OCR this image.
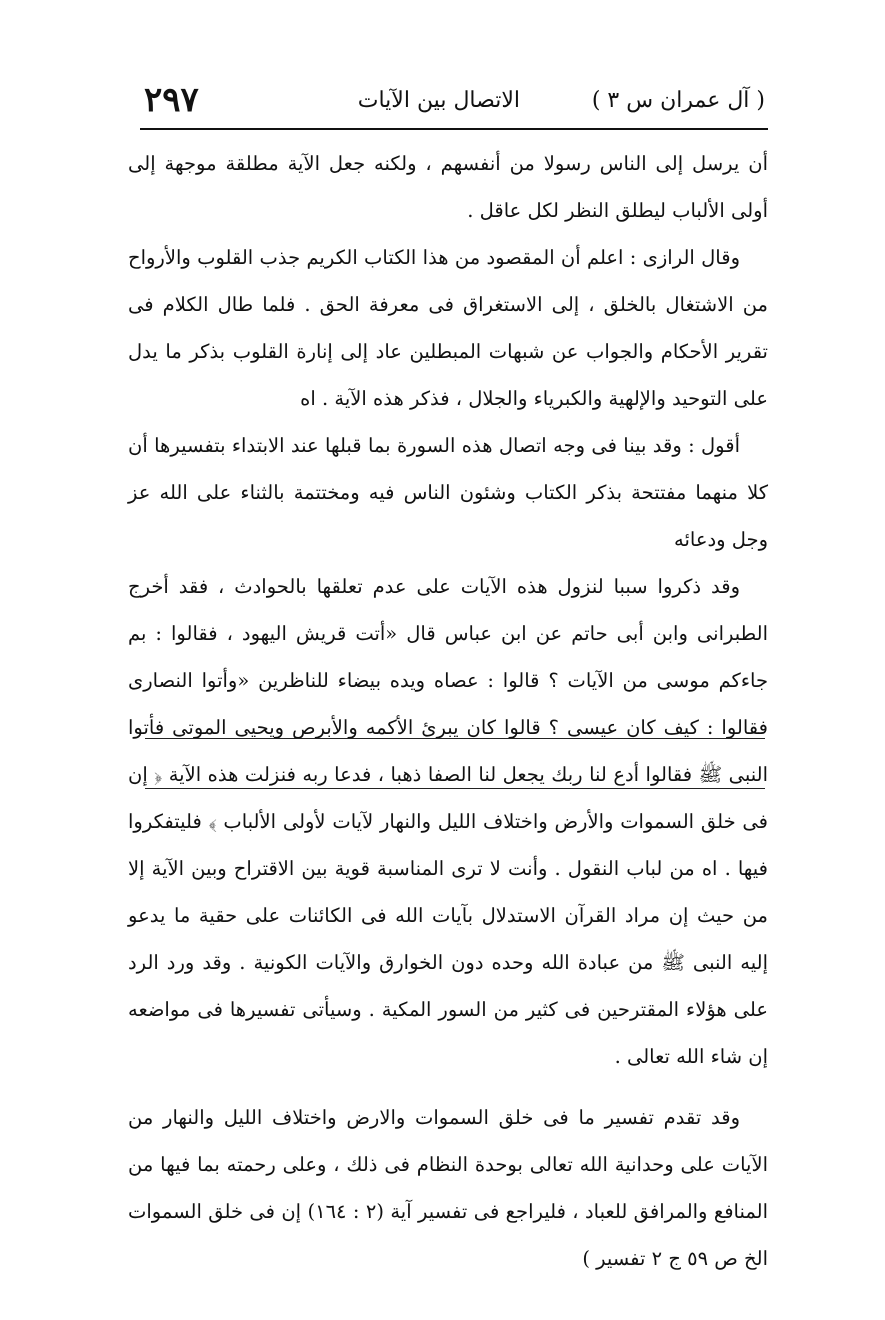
( آل عمران س ٣ )
الاتصال بين الآيات
٢٩٧

أن يرسل إلى الناس رسولا من أنفسهم ، ولكنه جعل الآية مطلقة موجهة إلى أولى الألباب ليطلق النظر لكل عاقل .

وقال الرازى : اعلم أن المقصود من هذا الكتاب الكريم جذب القلوب والأرواح من الاشتغال بالخلق ، إلى الاستغراق فى معرفة الحق . فلما طال الكلام فى تقرير الأحكام والجواب عن شبهات المبطلين عاد إلى إنارة القلوب بذكر ما يدل على التوحيد والإلهية والكبرياء والجلال ، فذكر هذه الآية . اه

أقول : وقد بينا فى وجه اتصال هذه السورة بما قبلها عند الابتداء بتفسيرها أن كلا منهما مفتتحة بذكر الكتاب وشئون الناس فيه ومختتمة بالثناء على الله عز وجل ودعائه

وقد ذكروا سببا لنزول هذه الآيات على عدم تعلقها بالحوادث ، فقد أخرج الطبرانى وابن أبى حاتم عن ابن عباس قال «أتت قريش اليهود ، فقالوا : بم جاءكم موسى من الآيات ؟ قالوا : عصاه ويده بيضاء للناظرين «وأتوا النصارى فقالوا : كيف كان عيسى ؟ قالوا كان يبرئ الأكمه والأبرص ويحيى الموتى فأتوا النبى ﷺ فقالوا أدع لنا ربك يجعل لنا الصفا ذهبا ، فدعا ربه فنزلت هذه الآية ﴿ إن فى خلق السموات والأرض واختلاف الليل والنهار لآيات لأولى الألباب ﴾ فليتفكروا فيها . اه من لباب النقول . وأنت لا ترى المناسبة قوية بين الاقتراح وبين الآية إلا من حيث إن مراد القرآن الاستدلال بآيات الله فى الكائنات على حقية ما يدعو إليه النبى ﷺ من عبادة الله وحده دون الخوارق والآيات الكونية . وقد ورد الرد على هؤلاء المقترحين فى كثير من السور المكية . وسيأتى تفسيرها فى مواضعه إن شاء الله تعالى .

وقد تقدم تفسير ما فى خلق السموات والارض واختلاف الليل والنهار من الآيات على وحدانية الله تعالى بوحدة النظام فى ذلك ، وعلى رحمته بما فيها من المنافع والمرافق للعباد ، فليراجع فى تفسير آية (٢ : ١٦٤) إن فى خلق السموات الخ ص ٥٩ ج ٢ تفسير )
